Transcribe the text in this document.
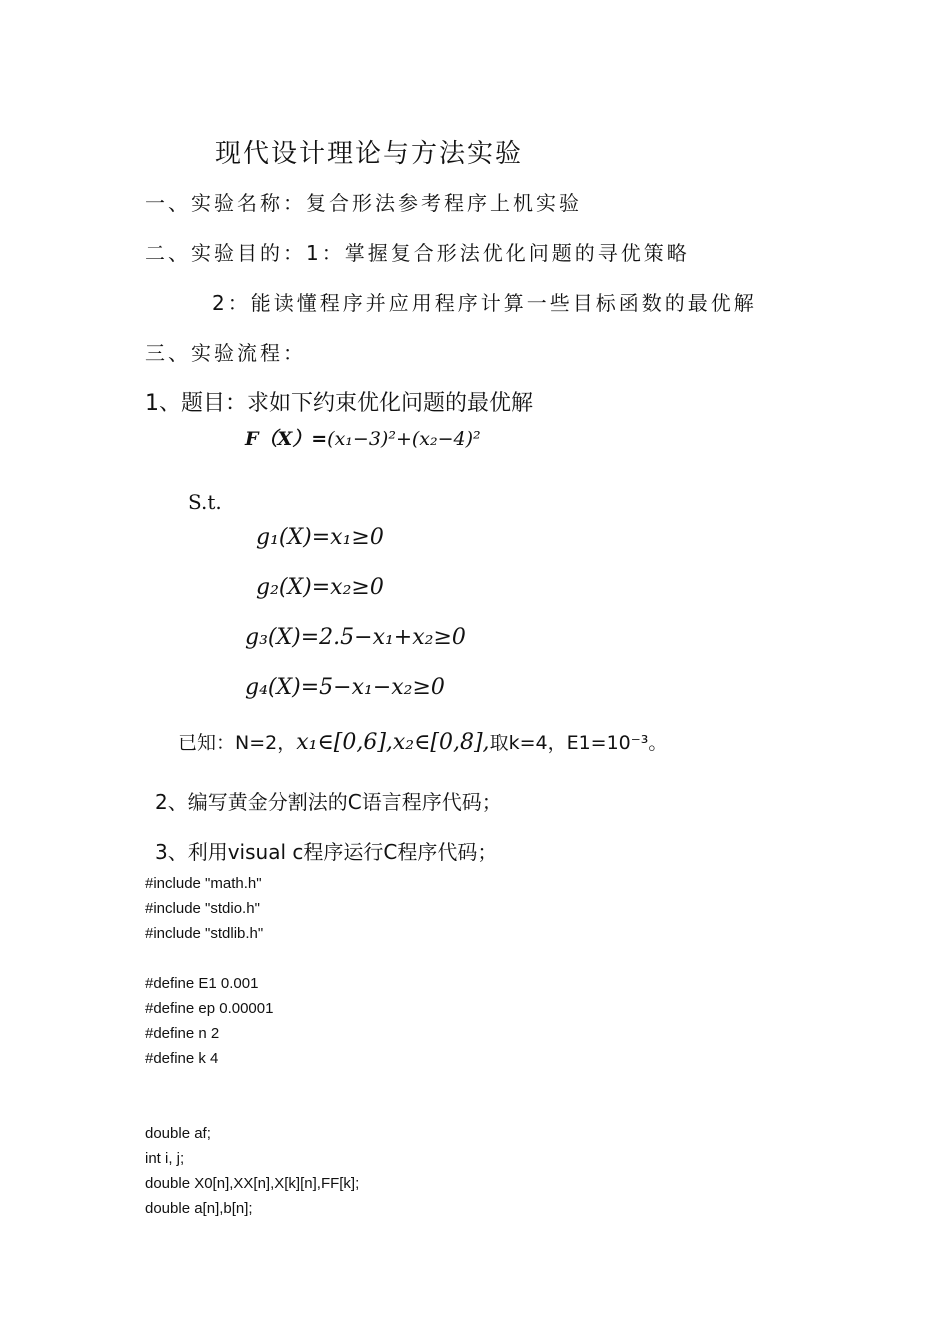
现代设计理论与方法实验
一、实验名称：复合形法参考程序上机实验
二、实验目的：1：掌握复合形法优化问题的寻优策略
2：能读懂程序并应用程序计算一些目标函数的最优解
三、实验流程：
1、题目：求如下约束优化问题的最优解
F（X）=(x₁−3)²+(x₂−4)²
S.t.
g₁(X)=x₁≥0
g₂(X)=x₂≥0
g₃(X)=2.5−x₁+x₂≥0
g₄(X)=5−x₁−x₂≥0
已知：N=2，x₁∈[0,6],x₂∈[0,8],取k=4，E1=10⁻³。
2、编写黄金分割法的C语言程序代码；
3、利用visual c程序运行C程序代码；
#include "math.h"
#include "stdio.h"
#include "stdlib.h"
#define E1 0.001
#define ep 0.00001
#define n 2
#define k 4
double af;
int i, j;
double X0[n],XX[n],X[k][n],FF[k];
double a[n],b[n];
